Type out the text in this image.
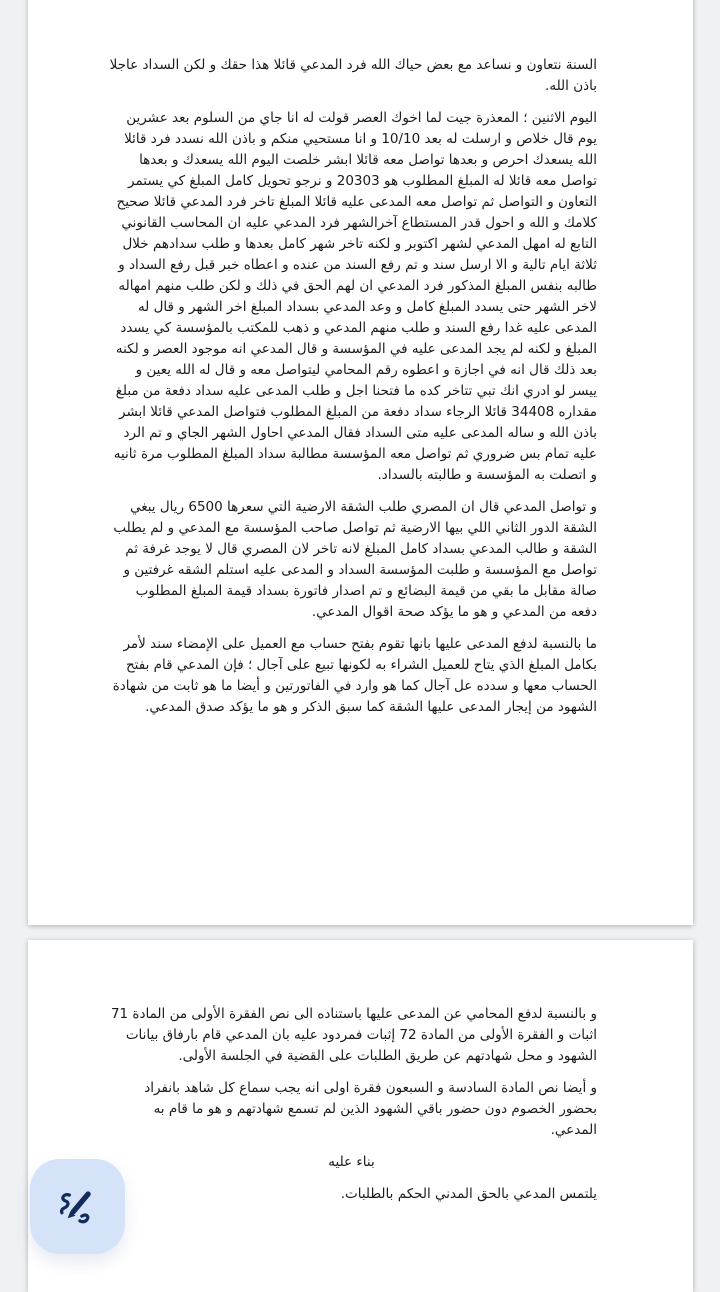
السنة نتعاون و نساعد مع بعض حياك الله فرد المدعي قائلا هذا حقك و لكن السداد عاجلا باذن الله.

اليوم الاثنين ؛ المعذرة جيت لما اخوك العصر قولت له انا جاي من السلوم بعد عشرين يوم قال خلاص و ارسلت له بعد 10/10 و انا مستحيي منكم و باذن الله نسدد فرد قائلا الله يسعدك احرص و بعدها تواصل معه قائلا ابشر خلصت اليوم الله يسعدك و بعدها تواصل معه قائلا له المبلغ المطلوب هو 20303 و نرجو تحويل كامل المبلغ كي يستمر التعاون و التواصل ثم تواصل معه المدعى عليه قائلا المبلغ تاخر فرد المدعي قائلا صحيح كلامك و الله و احول قدر المستطاع آخرالشهر فرد المدعي عليه ان المحاسب القانوني التابع له امهل المدعي لشهر اكتوبر و لكنه تاخر شهر كامل بعدها و طلب سدادهم خلال ثلاثة ايام تالية و الا ارسل سند و تم رفع السند من عنده و اعطاه خبر قبل رفع السداد و طالبه بنفس المبلغ المذكور فرد المدعي ان لهم الحق في ذلك و لكن طلب منهم امهاله لاخر الشهر حتى يسدد المبلغ كامل و وعد المدعي بسداد المبلغ اخر الشهر و قال له المدعى عليه غدا رفع السند و طلب منهم المدعي و ذهب للمكتب بالمؤسسة كي يسدد المبلغ و لكنه لم يجد المدعى عليه في المؤسسة و قال المدعي انه موجود العصر و لكنه بعد ذلك قال انه في اجازة و اعطوه رقم المحامي ليتواصل معه و قال له الله يعين و ييسر لو ادري انك تبي تتاخر كده ما فتحنا اجل و طلب المدعى عليه سداد دفعة من مبلغ مقداره 34408 قائلا الرجاء سداد دفعة من المبلغ المطلوب فتواصل المدعي قائلا ابشر باذن الله و ساله المدعى عليه متى السداد فقال المدعي احاول الشهر الجاي و تم الرد عليه تمام بس ضروري ثم تواصل معه المؤسسة مطالبة سداد المبلغ المطلوب مرة ثانيه و اتصلت به المؤسسة و طالبته بالسداد.

و تواصل المدعي قال ان المصري طلب الشقة الارضية التي سعرها 6500 ريال يبغي الشقة الدور الثاني اللي بيها الارضية ثم تواصل صاحب المؤسسة مع المدعي و لم يطلب الشقة و طالب المدعي بسداد كامل المبلغ لانه تاخر لان المصري قال لا يوجد غرفة ثم تواصل مع المؤسسة و طلبت المؤسسة السداد و المدعى عليه استلم الشقه غرفتين و صالة مقابل ما بقي من قيمة البضائع و تم اصدار فاتورة بسداد قيمة المبلغ المطلوب دفعه من المدعي و هو ما يؤكد صحة اقوال المدعي.

ما بالنسبة لدفع المدعى عليها بانها تقوم بفتح حساب مع العميل على الإمضاء سند لأمر بكامل المبلغ الذي يتاح للعميل الشراء به لكونها تبيع على آجال ؛ فإن المدعي قام بفتح الحساب معها و سدده عل آجال كما هو وارد في الفاتورتين و أيضا ما هو ثابت من شهادة الشهود من إيجار المدعى عليها الشقة كما سبق الذكر و هو ما يؤكد صدق المدعي.

و بالنسبة لدفع المحامي عن المدعى عليها باستناده الى نص الفقرة الأولى من المادة 71 اثبات و الفقرة الأولى من المادة 72 إثبات فمردود عليه بان المدعي قام بارفاق بيانات الشهود و محل شهادتهم عن طريق الطلبات على القضية في الجلسة الأولى.

و أيضا نص المادة السادسة و السبعون فقرة اولى انه يجب سماع كل شاهد بانفراد بحضور الخصوم دون حضور باقي الشهود الذين لم تسمع شهادتهم و هو ما قام به المدعي.

بناء عليه

يلتمس المدعي بالحق المدني الحكم بالطلبات.
